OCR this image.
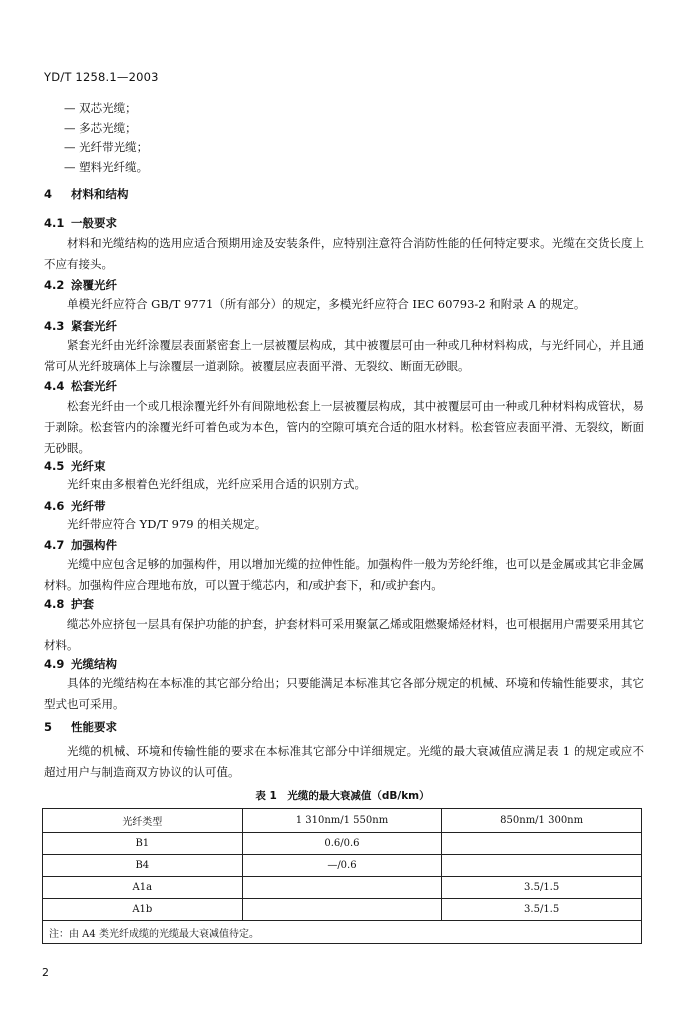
YD/T 1258.1—2003
— 双芯光缆；
— 多芯光缆；
— 光纤带光缆；
— 塑料光纤缆。
4 材料和结构
4.1 一般要求
材料和光缆结构的选用应适合预期用途及安装条件，应特别注意符合消防性能的任何特定要求。光缆在交货长度上不应有接头。
4.2 涂覆光纤
单模光纤应符合 GB/T 9771（所有部分）的规定，多模光纤应符合 IEC 60793-2 和附录 A 的规定。
4.3 紧套光纤
紧套光纤由光纤涂覆层表面紧密套上一层被覆层构成，其中被覆层可由一种或几种材料构成，与光纤同心，并且通常可从光纤玻璃体上与涂覆层一道剥除。被覆层应表面平滑、无裂纹、断面无砂眼。
4.4 松套光纤
松套光纤由一个或几根涂覆光纤外有间隙地松套上一层被覆层构成，其中被覆层可由一种或几种材料构成管状，易于剥除。松套管内的涂覆光纤可着色或为本色，管内的空隙可填充合适的阻水材料。松套管应表面平滑、无裂纹，断面无砂眼。
4.5 光纤束
光纤束由多根着色光纤组成，光纤应采用合适的识别方式。
4.6 光纤带
光纤带应符合 YD/T 979 的相关规定。
4.7 加强构件
光缆中应包含足够的加强构件，用以增加光缆的拉伸性能。加强构件一般为芳纶纤维，也可以是金属或其它非金属材料。加强构件应合理地布放，可以置于缆芯内，和/或护套下，和/或护套内。
4.8 护套
缆芯外应挤包一层具有保护功能的护套，护套材料可采用聚氯乙烯或阻燃聚烯烃材料，也可根据用户需要采用其它材料。
4.9 光缆结构
具体的光缆结构在本标准的其它部分给出；只要能满足本标准其它各部分规定的机械、环境和传输性能要求，其它型式也可采用。
5 性能要求
光缆的机械、环境和传输性能的要求在本标准其它部分中详细规定。光缆的最大衰减值应满足表 1 的规定或应不超过用户与制造商双方协议的认可值。
表 1　光缆的最大衰减值（dB/km）
光纤类型	1 310nm/1 550nm	850nm/1 300nm
B1	0.6/0.6	
B4	—/0.6	
A1a		3.5/1.5
A1b		3.5/1.5
注：由 A4 类光纤成缆的光缆最大衰减值待定。		
2
